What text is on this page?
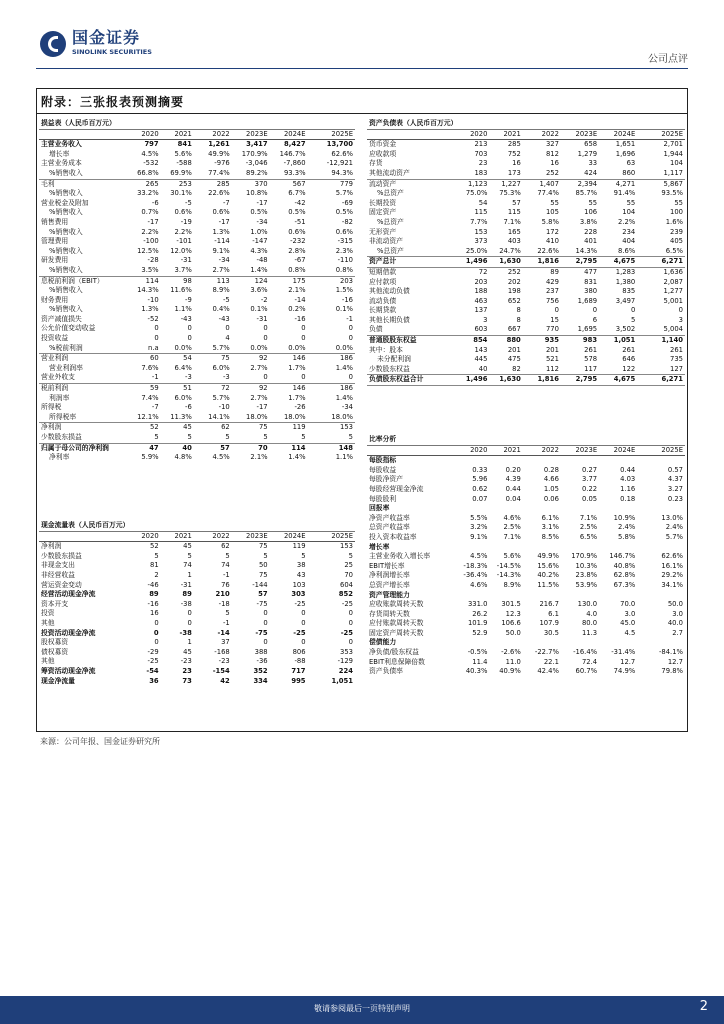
国金证券
SINOLINK SECURITIES
公司点评
附录：三张报表预测摘要
损益表（人民币百万元）						
	2020	2021	2022	2023E	2024E	2025E
主营业务收入	797	841	1,261	3,417	8,427	13,700
增长率	4.5%	5.6%	49.9%	170.9%	146.7%	62.6%
主营业务成本	-532	-588	-976	-3,046	-7,860	-12,921
%销售收入	66.8%	69.9%	77.4%	89.2%	93.3%	94.3%
毛利	265	253	285	370	567	779
%销售收入	33.2%	30.1%	22.6%	10.8%	6.7%	5.7%
营业税金及附加	-6	-5	-7	-17	-42	-69
%销售收入	0.7%	0.6%	0.6%	0.5%	0.5%	0.5%
销售费用	-17	-19	-17	-34	-51	-82
%销售收入	2.2%	2.2%	1.3%	1.0%	0.6%	0.6%
管理费用	-100	-101	-114	-147	-232	-315
%销售收入	12.5%	12.0%	9.1%	4.3%	2.8%	2.3%
研发费用	-28	-31	-34	-48	-67	-110
%销售收入	3.5%	3.7%	2.7%	1.4%	0.8%	0.8%
息税前利润（EBIT）	114	98	113	124	175	203
%销售收入	14.3%	11.6%	8.9%	3.6%	2.1%	1.5%
财务费用	-10	-9	-5	-2	-14	-16
%销售收入	1.3%	1.1%	0.4%	0.1%	0.2%	0.1%
资产减值损失	-52	-43	-43	-31	-16	-1
公允价值变动收益	0	0	0	0	0	0
投资收益	0	0	4	0	0	0
%税前利润	n.a	0.0%	5.7%	0.0%	0.0%	0.0%
营业利润	60	54	75	92	146	186
营业利润率	7.6%	6.4%	6.0%	2.7%	1.7%	1.4%
营业外收支	-1	-3	-3	0	0	0
税前利润	59	51	72	92	146	186
利润率	7.4%	6.0%	5.7%	2.7%	1.7%	1.4%
所得税	-7	-6	-10	-17	-26	-34
所得税率	12.1%	11.3%	14.1%	18.0%	18.0%	18.0%
净利润	52	45	62	75	119	153
少数股东损益	5	5	5	5	5	5
归属于母公司的净利润	47	40	57	70	114	148
净利率	5.9%	4.8%	4.5%	2.1%	1.4%	1.1%
现金流量表（人民币百万元）						
	2020	2021	2022	2023E	2024E	2025E
净利润	52	45	62	75	119	153
少数股东损益	5	5	5	5	5	5
非现金支出	81	74	74	50	38	25
非经营收益	2	1	-1	75	43	70
营运资金变动	-46	-31	76	-144	103	604
经营活动现金净流	89	89	210	57	303	852
资本开支	-16	-38	-18	-75	-25	-25
投资	16	0	5	0	0	0
其他	0	0	-1	0	0	0
投资活动现金净流	0	-38	-14	-75	-25	-25
股权募资	0	1	37	0	0	0
债权募资	-29	45	-168	388	806	353
其他	-25	-23	-23	-36	-88	-129
筹资活动现金净流	-54	23	-154	352	717	224
现金净流量	36	73	42	334	995	1,051
资产负债表（人民币百万元）						
	2020	2021	2022	2023E	2024E	2025E
货币资金	213	285	327	658	1,651	2,701
应收款项	703	752	812	1,279	1,696	1,944
存货	23	16	16	33	63	104
其他流动资产	183	173	252	424	860	1,117
流动资产	1,123	1,227	1,407	2,394	4,271	5,867
%总资产	75.0%	75.3%	77.4%	85.7%	91.4%	93.5%
长期投资	54	57	55	55	55	55
固定资产	115	115	105	106	104	100
%总资产	7.7%	7.1%	5.8%	3.8%	2.2%	1.6%
无形资产	153	165	172	228	234	239
非流动资产	373	403	410	401	404	405
%总资产	25.0%	24.7%	22.6%	14.3%	8.6%	6.5%
资产总计	1,496	1,630	1,816	2,795	4,675	6,271
短期借款	72	252	89	477	1,283	1,636
应付款项	203	202	429	831	1,380	2,087
其他流动负债	188	198	237	380	835	1,277
流动负债	463	652	756	1,689	3,497	5,001
长期贷款	137	8	0	0	0	0
其他长期负债	3	8	15	6	5	3
负债	603	667	770	1,695	3,502	5,004
普通股股东权益	854	880	935	983	1,051	1,140
其中：股本	143	201	201	261	261	261
未分配利润	445	475	521	578	646	735
少数股东权益	40	82	112	117	122	127
负债股东权益合计	1,496	1,630	1,816	2,795	4,675	6,271
比率分析						
	2020	2021	2022	2023E	2024E	2025E
每股指标						
每股收益	0.33	0.20	0.28	0.27	0.44	0.57
每股净资产	5.96	4.39	4.66	3.77	4.03	4.37
每股经营现金净流	0.62	0.44	1.05	0.22	1.16	3.27
每股股利	0.07	0.04	0.06	0.05	0.18	0.23
回报率						
净资产收益率	5.5%	4.6%	6.1%	7.1%	10.9%	13.0%
总资产收益率	3.2%	2.5%	3.1%	2.5%	2.4%	2.4%
投入资本收益率	9.1%	7.1%	8.5%	6.5%	5.8%	5.7%
增长率						
主营业务收入增长率	4.5%	5.6%	49.9%	170.9%	146.7%	62.6%
EBIT增长率	-18.3%	-14.5%	15.6%	10.3%	40.8%	16.1%
净利润增长率	-36.4%	-14.3%	40.2%	23.8%	62.8%	29.2%
总资产增长率	4.6%	8.9%	11.5%	53.9%	67.3%	34.1%
资产管理能力						
应收账款周转天数	331.0	301.5	216.7	130.0	70.0	50.0
存货周转天数	26.2	12.3	6.1	4.0	3.0	3.0
应付账款周转天数	101.9	106.6	107.9	80.0	45.0	40.0
固定资产周转天数	52.9	50.0	30.5	11.3	4.5	2.7
偿债能力						
净负债/股东权益	-0.5%	-2.6%	-22.7%	-16.4%	-31.4%	-84.1%
EBIT利息保障倍数	11.4	11.0	22.1	72.4	12.7	12.7
资产负债率	40.3%	40.9%	42.4%	60.7%	74.9%	79.8%
来源：公司年报、国金证券研究所
敬请参阅最后一页特别声明	2
